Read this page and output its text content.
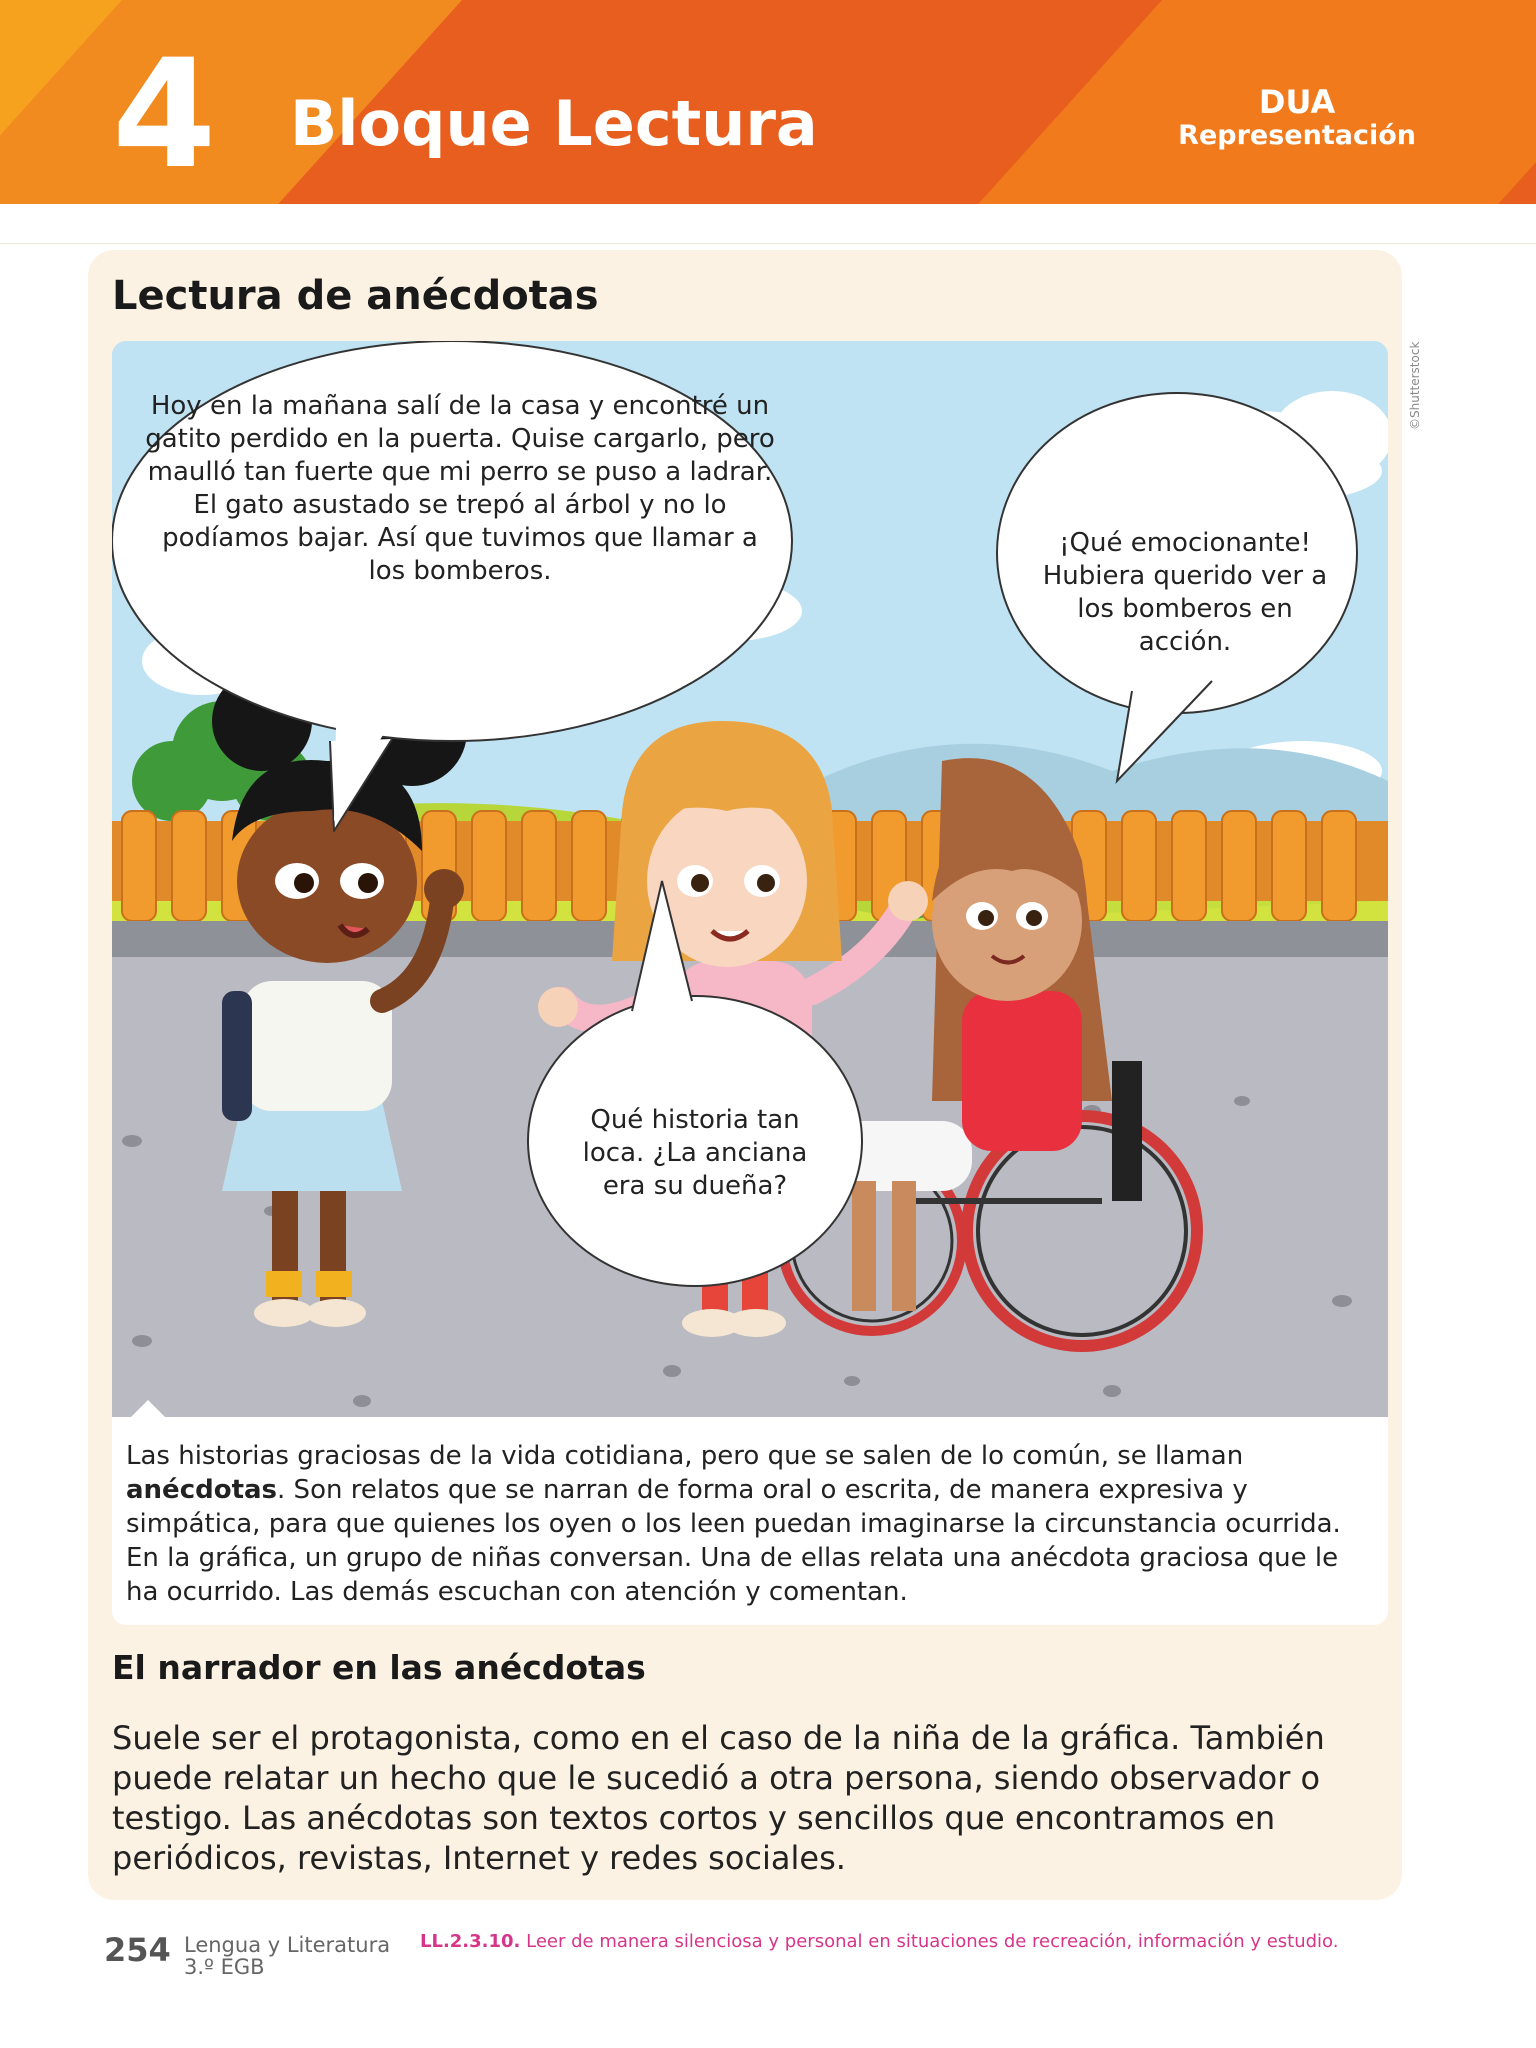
4 Bloque Lectura	DUA
Representación
Lectura de anécdotas
©Shutterstock
Hoy en la mañana salí de la casa y encontré un gatito perdido en la puerta. Quise cargarlo, pero maulló tan fuerte que mi perro se puso a ladrar. El gato asustado se trepó al árbol y no lo podíamos bajar. Así que tuvimos que llamar a los bomberos.
¡Qué emocionante! Hubiera querido ver a los bomberos en acción.
Qué historia tan loca. ¿La anciana era su dueña?

Las historias graciosas de la vida cotidiana, pero que se salen de lo común, se llaman anécdotas. Son relatos que se narran de forma oral o escrita, de manera expresiva y simpática, para que quienes los oyen o los leen puedan imaginarse la circunstancia ocurrida. En la gráfica, un grupo de niñas conversan. Una de ellas relata una anécdota graciosa que le ha ocurrido. Las demás escuchan con atención y comentan.

El narrador en las anécdotas

Suele ser el protagonista, como en el caso de la niña de la gráfica. También puede relatar un hecho que le sucedió a otra persona, siendo observador o testigo. Las anécdotas son textos cortos y sencillos que encontramos en periódicos, revistas, Internet y redes sociales.

254 Lengua y Literatura
3.º EGB
LL.2.3.10. Leer de manera silenciosa y personal en situaciones de recreación, información y estudio.
